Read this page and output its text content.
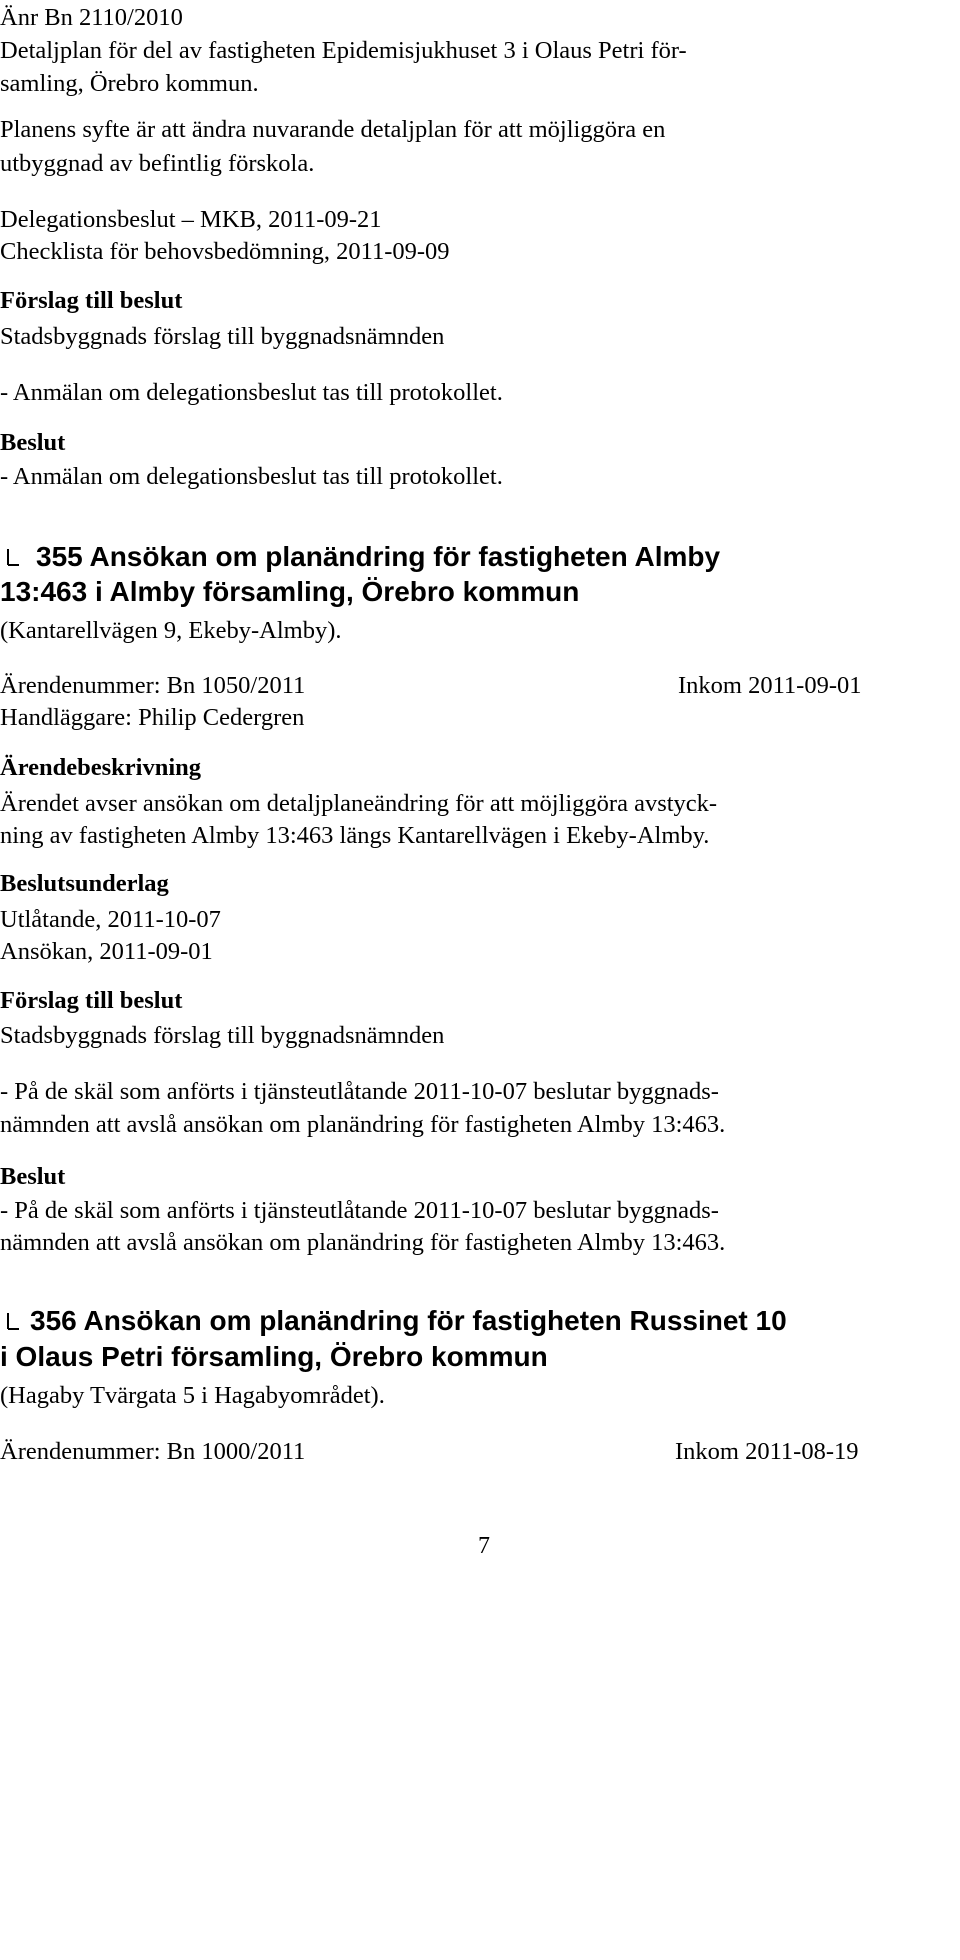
Änr Bn 2110/2010
Detaljplan för del av fastigheten Epidemisjukhuset 3 i Olaus Petri för-
samling, Örebro kommun.
Planens syfte är att ändra nuvarande detaljplan för att möjliggöra en
utbyggnad av befintlig förskola.
Delegationsbeslut – MKB, 2011-09-21
Checklista för behovsbedömning, 2011-09-09
Förslag till beslut
Stadsbyggnads förslag till byggnadsnämnden
- Anmälan om delegationsbeslut tas till protokollet.
Beslut
- Anmälan om delegationsbeslut tas till protokollet.
355 Ansökan om planändring för fastigheten Almby
13:463 i Almby församling, Örebro kommun
(Kantarellvägen 9, Ekeby-Almby).
Ärendenummer: Bn 1050/2011	Inkom 2011-09-01
Handläggare: Philip Cedergren
Ärendebeskrivning
Ärendet avser ansökan om detaljplaneändring för att möjliggöra avstyck-
ning av fastigheten Almby 13:463 längs Kantarellvägen i Ekeby-Almby.
Beslutsunderlag
Utlåtande, 2011-10-07
Ansökan, 2011-09-01
Förslag till beslut
Stadsbyggnads förslag till byggnadsnämnden
- På de skäl som anförts i tjänsteutlåtande 2011-10-07 beslutar byggnads-
nämnden att avslå ansökan om planändring för fastigheten Almby 13:463.
Beslut
- På de skäl som anförts i tjänsteutlåtande 2011-10-07 beslutar byggnads-
nämnden att avslå ansökan om planändring för fastigheten Almby 13:463.
356 Ansökan om planändring för fastigheten Russinet 10
i Olaus Petri församling, Örebro kommun
(Hagaby Tvärgata 5 i Hagabyområdet).
Ärendenummer: Bn 1000/2011	Inkom 2011-08-19
7
